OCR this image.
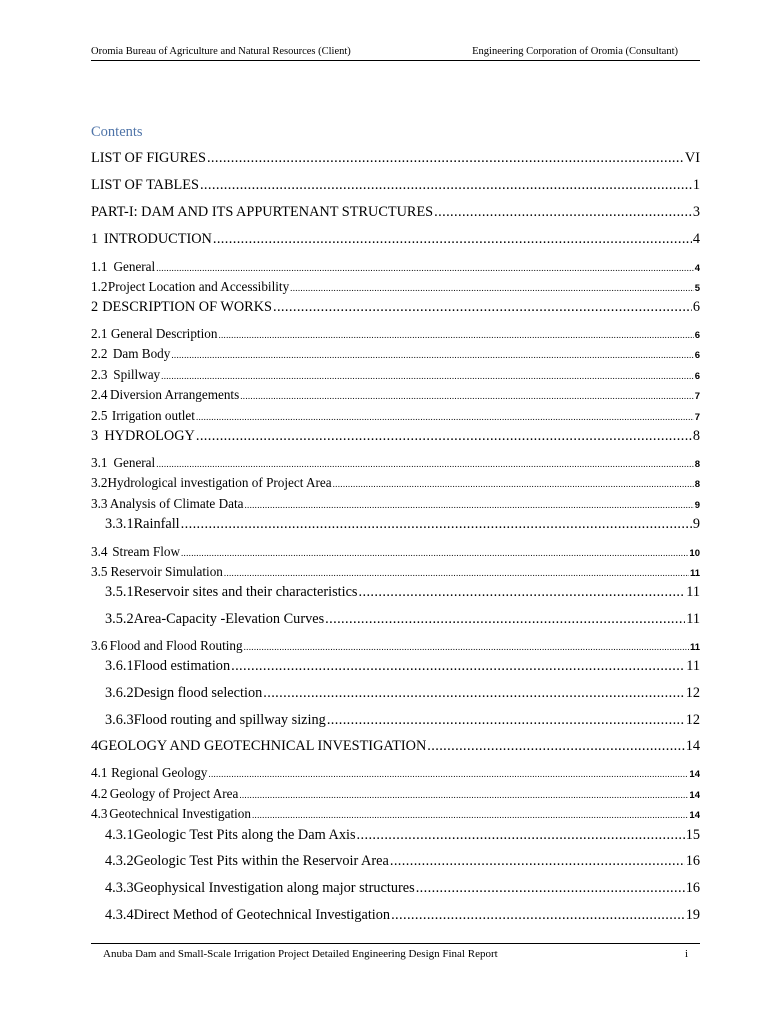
Oromia Bureau of Agriculture and Natural Resources (Client)	Engineering Corporation of Oromia (Consultant)
Contents
LIST OF FIGURES .....	VI
LIST OF TABLES .....	1
PART-I: DAM AND ITS APPURTENANT STRUCTURES .....	3
1 INTRODUCTION .....	4
1.1 General .....	4
1.2 Project Location and Accessibility .....	5
2 DESCRIPTION OF WORKS .....	6
2.1 General Description .....	6
2.2 Dam Body .....	6
2.3 Spillway .....	6
2.4 Diversion Arrangements .....	7
2.5 Irrigation outlet .....	7
3 HYDROLOGY .....	8
3.1 General .....	8
3.2 Hydrological investigation of Project Area .....	8
3.3 Analysis of Climate Data .....	9
3.3.1 Rainfall .....	9
3.4 Stream Flow .....	10
3.5 Reservoir Simulation .....	11
3.5.1 Reservoir sites and their characteristics .....	11
3.5.2 Area-Capacity -Elevation Curves .....	11
3.6 Flood and Flood Routing .....	11
3.6.1 Flood estimation .....	11
3.6.2 Design flood selection .....	12
3.6.3 Flood routing and spillway sizing .....	12
4 GEOLOGY AND GEOTECHNICAL INVESTIGATION .....	14
4.1 Regional Geology .....	14
4.2 Geology of Project Area .....	14
4.3 Geotechnical Investigation .....	14
4.3.1 Geologic Test Pits along the Dam Axis .....	15
4.3.2 Geologic Test Pits within the Reservoir Area .....	16
4.3.3 Geophysical Investigation along major structures .....	16
4.3.4 Direct Method of Geotechnical Investigation .....	19
Anuba Dam and Small-Scale Irrigation Project Detailed Engineering Design Final Report	i
